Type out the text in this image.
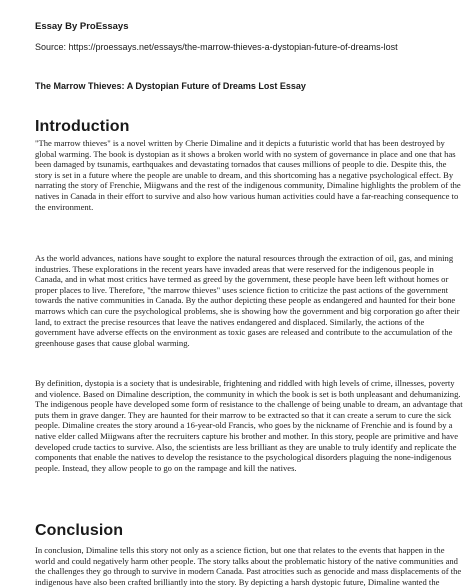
Essay By ProEssays

Source: https://proessays.net/essays/the-marrow-thieves-a-dystopian-future-of-dreams-lost

The Marrow Thieves: A Dystopian Future of Dreams Lost Essay

Introduction

"The marrow thieves" is a novel written by Cherie Dimaline and it depicts a futuristic world that has been destroyed by global warming. The book is dystopian as it shows a broken world with no system of governance in place and one that has been damaged by tsunamis, earthquakes and devastating tornados that causes millions of people to die. Despite this, the story is set in a future where the people are unable to dream, and this shortcoming has a negative psychological effect. By narrating the story of Frenchie, Miigwans and the rest of the indigenous community, Dimaline highlights the problem of the natives in Canada in their effort to survive and also how various human activities could have a far-reaching consequence to the environment.

As the world advances, nations have sought to explore the natural resources through the extraction of oil, gas, and mining industries. These explorations in the recent years have invaded areas that were reserved for the indigenous people in Canada, and in what most critics have termed as greed by the government, these people have been left without homes or proper places to live. Therefore, "the marrow thieves" uses science fiction to criticize the past actions of the government towards the native communities in Canada. By the author depicting these people as endangered and haunted for their bone marrows which can cure the psychological problems, she is showing how the government and big corporation go after their land, to extract the precise resources that leave the natives endangered and displaced. Similarly, the actions of the government have adverse effects on the environment as toxic gases are released and contribute to the accumulation of the greenhouse gases that cause global warming.

By definition, dystopia is a society that is undesirable, frightening and riddled with high levels of crime, illnesses, poverty and violence. Based on Dimaline description, the community in which the book is set is both unpleasant and dehumanizing. The indigenous people have developed some form of resistance to the challenge of being unable to dream, an advantage that puts them in grave danger. They are haunted for their marrow to be extracted so that it can create a serum to cure the sick people. Dimaline creates the story around a 16-year-old Francis, who goes by the nickname of Frenchie and is found by a native elder called Miigwans after the recruiters capture his brother and mother. In this story, people are primitive and have developed crude tactics to survive. Also, the scientists are less brilliant as they are unable to truly identify and replicate the components that enable the natives to develop the resistance to the psychological disorders plaguing the none-indigenous people. Instead, they allow people to go on the rampage and kill the natives.

Conclusion

In conclusion, Dimaline tells this story not only as a science fiction, but one that relates to the events that happen in the world and could negatively harm other people. The story talks about the problematic history of the native communities and the challenges they go through to survive in modern Canada. Past atrocities such as genocide and mass displacements of the indigenous have also been crafted brilliantly into the story. By depicting a harsh dystopic future, Dimaline wanted the
